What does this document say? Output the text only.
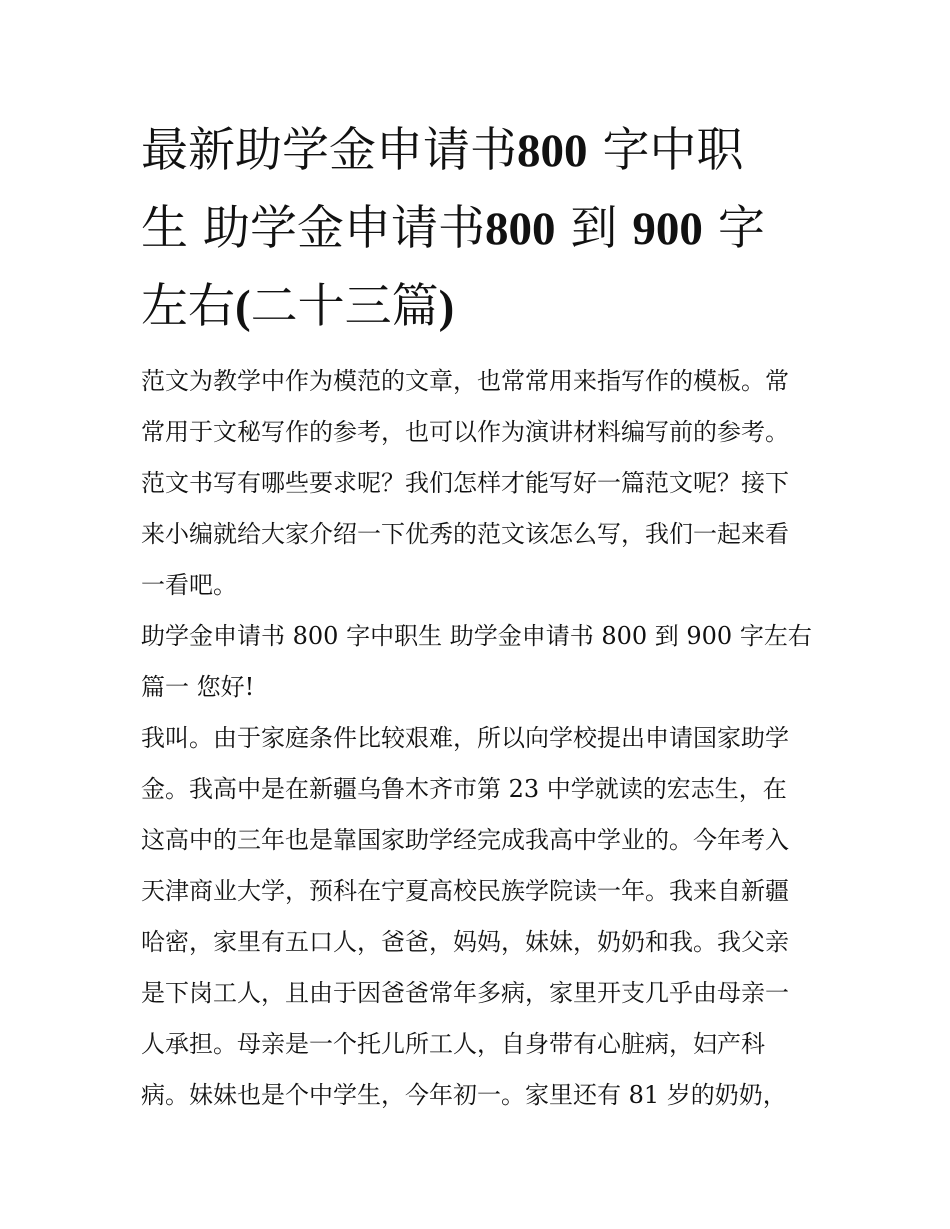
最新助学金申请书800 字中职
生 助学金申请书800 到 900 字
左右(二十三篇)
范文为教学中作为模范的文章，也常常用来指写作的模板。常
常用于文秘写作的参考，也可以作为演讲材料编写前的参考。
范文书写有哪些要求呢？我们怎样才能写好一篇范文呢？接下
来小编就给大家介绍一下优秀的范文该怎么写，我们一起来看
一看吧。
助学金申请书 800 字中职生 助学金申请书 800 到 900 字左右
篇一 您好!
我叫。由于家庭条件比较艰难，所以向学校提出申请国家助学
金。我高中是在新疆乌鲁木齐市第 23 中学就读的宏志生，在
这高中的三年也是靠国家助学经完成我高中学业的。今年考入
天津商业大学，预科在宁夏高校民族学院读一年。我来自新疆
哈密，家里有五口人，爸爸，妈妈，妹妹，奶奶和我。我父亲
是下岗工人，且由于因爸爸常年多病，家里开支几乎由母亲一
人承担。母亲是一个托儿所工人，自身带有心脏病，妇产科
病。妹妹也是个中学生，今年初一。家里还有 81 岁的奶奶，
